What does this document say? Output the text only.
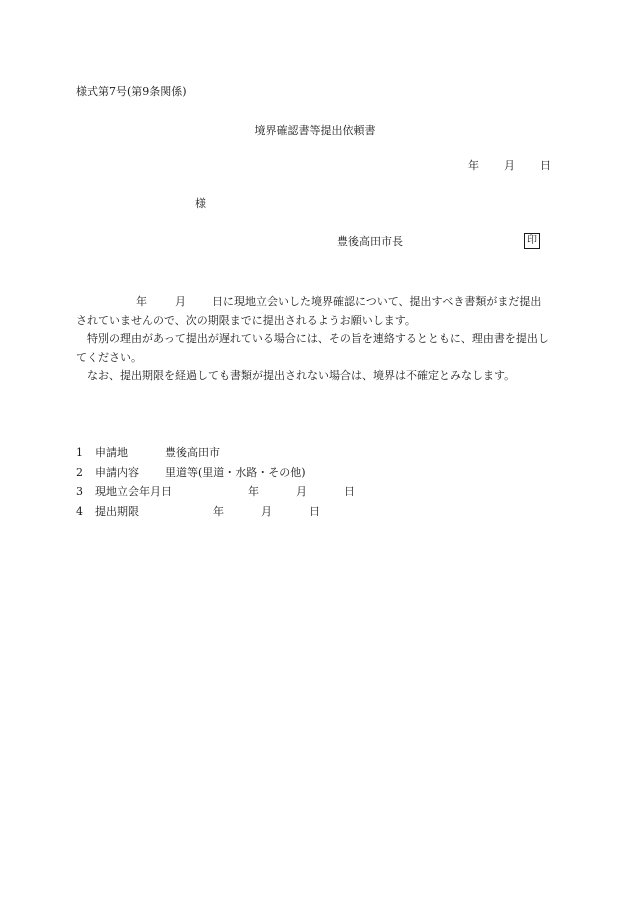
様式第7号(第9条関係)
境界確認書等提出依頼書
年 月 日
様
豊後高田市長	印

年	月 日に現地立会いした境界確認について、提出すべき書類がまだ提出されていませんので、次の期限までに提出されるようお願いします。

特別の理由があって提出が遅れている場合には、その旨を連絡するとともに、理由書を提出してください。

なお、提出期限を経過しても書類が提出されない場合は、境界は不確定とみなします。

1 申請地	豊後高田市
2 申請内容 里道等(里道・水路・その他)
3 現地立会年月日	年	月	日
4 提出期限	年	月	日
